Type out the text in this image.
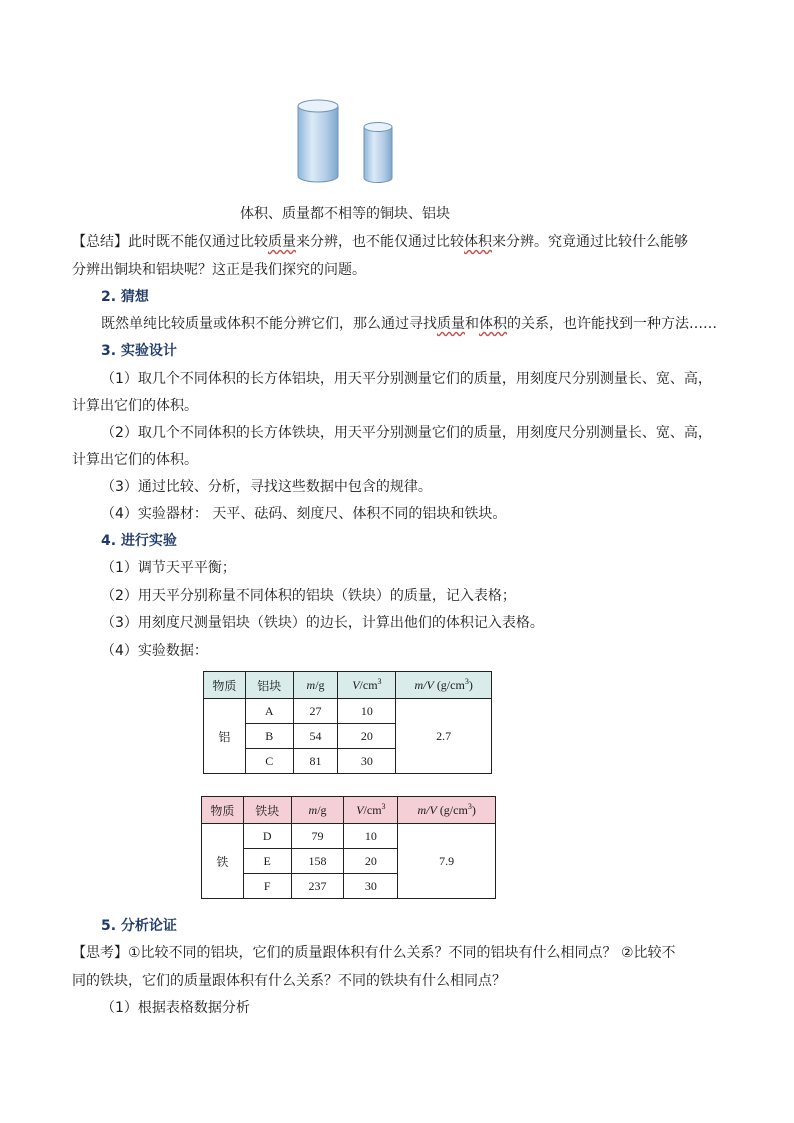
体积、质量都不相等的铜块、铝块
【总结】此时既不能仅通过比较质量来分辨，也不能仅通过比较体积来分辨。究竟通过比较什么能够
分辨出铜块和铝块呢？这正是我们探究的问题。
2. 猜想
既然单纯比较质量或体积不能分辨它们，那么通过寻找质量和体积的关系，也许能找到一种方法……
3. 实验设计
（1）取几个不同体积的长方体铝块，用天平分别测量它们的质量，用刻度尺分别测量长、宽、高，
计算出它们的体积。
（2）取几个不同体积的长方体铁块，用天平分别测量它们的质量，用刻度尺分别测量长、宽、高，
计算出它们的体积。
（3）通过比较、分析，寻找这些数据中包含的规律。
（4）实验器材： 天平、砝码、刻度尺、体积不同的铝块和铁块。
4. 进行实验
（1）调节天平平衡；
（2）用天平分别称量不同体积的铝块（铁块）的质量，记入表格；
（3）用刻度尺测量铝块（铁块）的边长，计算出他们的体积记入表格。
（4）实验数据：
物质	铝块	m/g	$V/cm^3$	m/V $(g/cm^3)$
铝	A	27	10	2.7
	B	54	20	
	C	81	30	
物质	铁块	m/g	$V/cm^3$	m/V $(g/cm^3)$
铁	D	79	10	7.9
	E	158	20	
	F	237	30	
5. 分析论证
【思考】①比较不同的铝块，它们的质量跟体积有什么关系？不同的铝块有什么相同点？ ②比较不
同的铁块，它们的质量跟体积有什么关系？不同的铁块有什么相同点？
（1）根据表格数据分析
